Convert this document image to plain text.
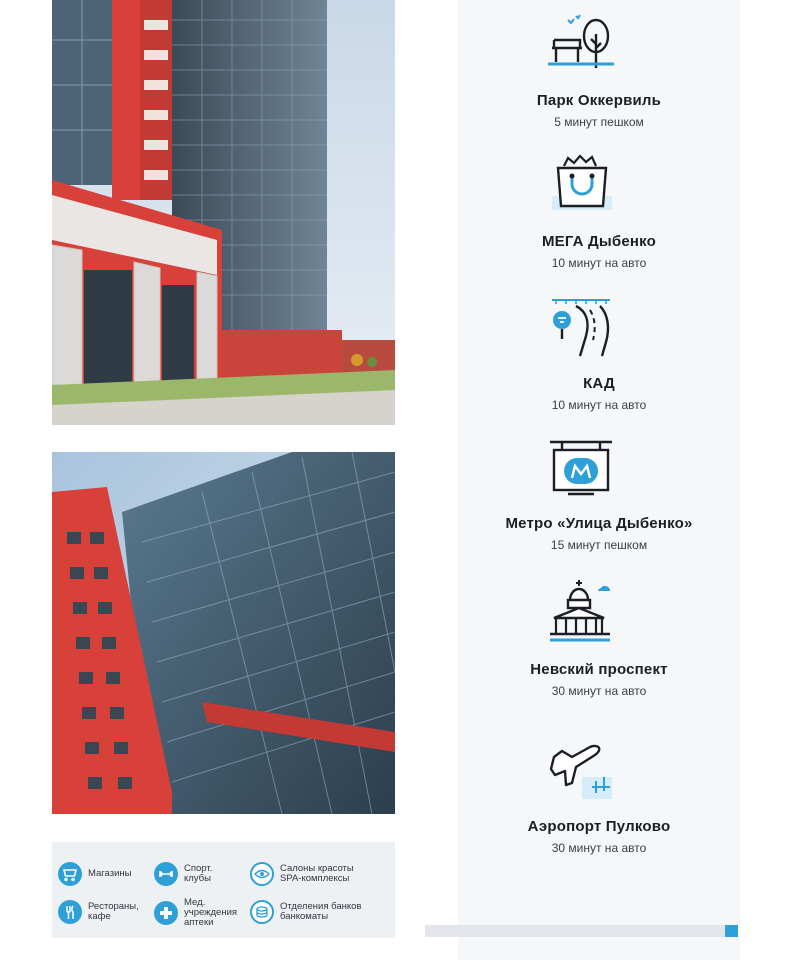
Магазины	Спорт.
клубы
Салоны красоты
SPA-комплексы
Рестораны,
кафе
Мед.
учреждения
аптеки
Отделения банков
банкоматы
Парк Оккервиль
5 минут пешком
МЕГА Дыбенко
10 минут на авто
КАД
10 минут на авто
Метро «Улица Дыбенко»
15 минут пешком
Невский проспект
30 минут на авто
Аэропорт Пулково
30 минут на авто
